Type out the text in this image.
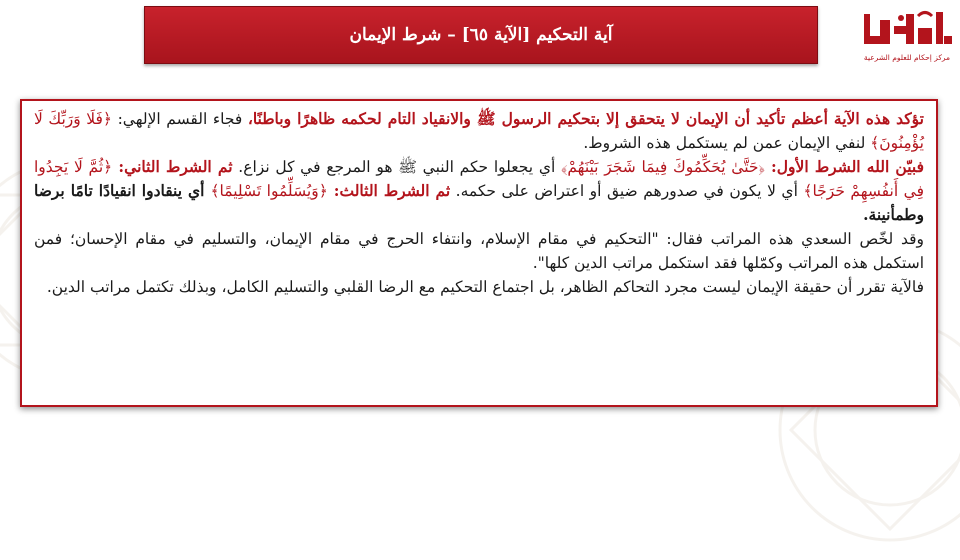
آية التحكيم [الآية ٦٥] – شرط الإيمان
مركز إحكام للعلوم الشرعية

تؤكد هذه الآية أعظم تأكيد أن الإيمان لا يتحقق إلا بتحكيم الرسول ﷺ والانقياد التام لحكمه ظاهرًا وباطنًا، فجاء القسم الإلهي: ﴿فَلَا وَرَبِّكَ لَا يُؤْمِنُونَ﴾ لنفي الإيمان عمن لم يستكمل هذه الشروط.

فبيّن الله الشرط الأول: ﴿حَتَّىٰ يُحَكِّمُوكَ فِيمَا شَجَرَ بَيْنَهُمْ﴾ أي يجعلوا حكم النبي ﷺ هو المرجع في كل نزاع. ثم الشرط الثاني: ﴿ثُمَّ لَا يَجِدُوا فِي أَنفُسِهِمْ حَرَجًا﴾ أي لا يكون في صدورهم ضيق أو اعتراض على حكمه. ثم الشرط الثالث: ﴿وَيُسَلِّمُوا تَسْلِيمًا﴾ أي ينقادوا انقيادًا تامًا برضا وطمأنينة.

وقد لخّص السعدي هذه المراتب فقال: "التحكيم في مقام الإسلام، وانتفاء الحرج في مقام الإيمان، والتسليم في مقام الإحسان؛ فمن استكمل هذه المراتب وكمّلها فقد استكمل مراتب الدين كلها".

فالآية تقرر أن حقيقة الإيمان ليست مجرد التحاكم الظاهر، بل اجتماع التحكيم مع الرضا القلبي والتسليم الكامل، وبذلك تكتمل مراتب الدين.
